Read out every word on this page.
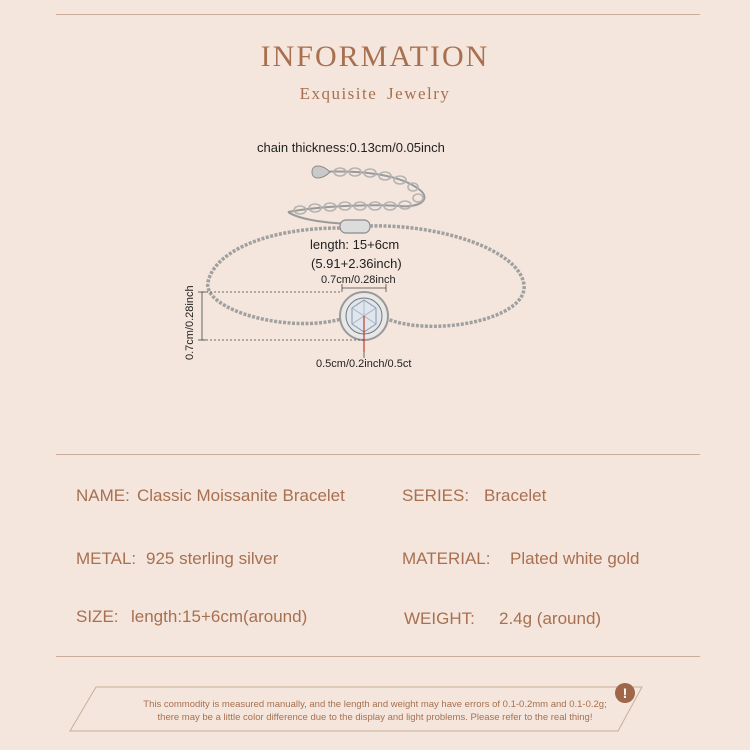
INFORMATION
Exquisite Jewelry
chain thickness:0.13cm/0.05inch
length: 15+6cm
(5.91+2.36inch)
0.7cm/0.28inch
0.7cm/0.28inch
0.5cm/0.2inch/0.5ct
NAME: Classic Moissanite Bracelet	SERIES: Bracelet
METAL: 925 sterling silver	MATERIAL: Plated white gold
SIZE: length:15+6cm(around)	WEIGHT: 2.4g (around)
!
This commodity is measured manually, and the length and weight may have errors of 0.1-0.2mm and 0.1-0.2g;
there may be a little color difference due to the display and light problems. Please refer to the real thing!
